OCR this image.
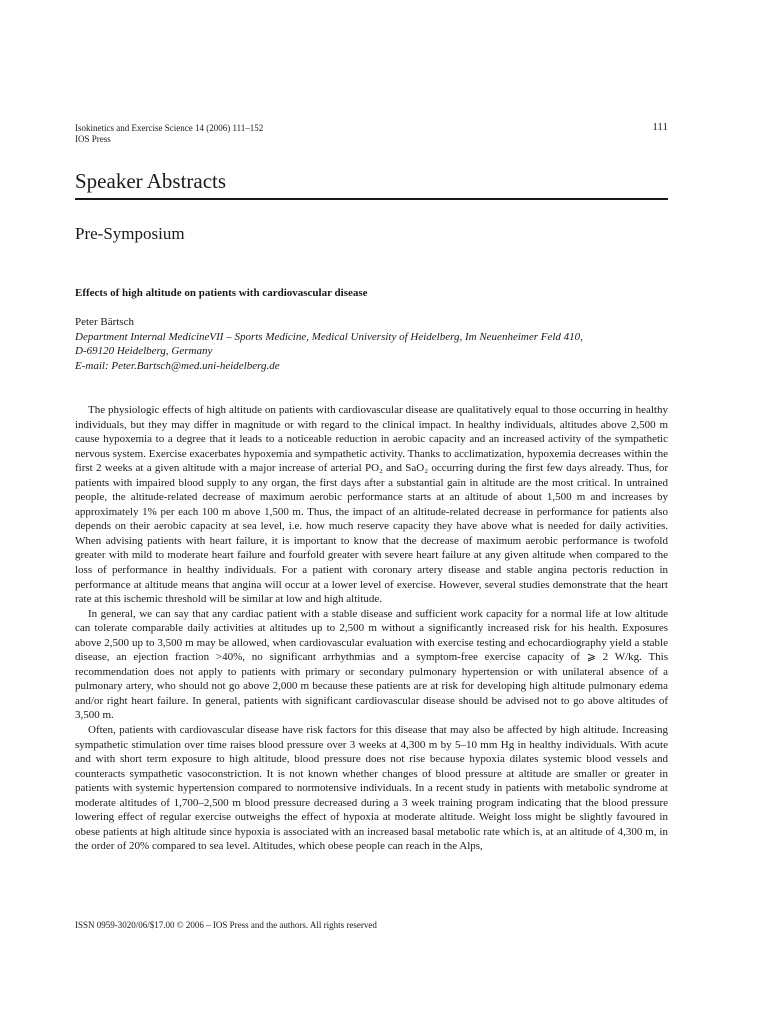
Isokinetics and Exercise Science 14 (2006) 111–152
IOS Press
111
Speaker Abstracts
Pre-Symposium
Effects of high altitude on patients with cardiovascular disease
Peter Bärtsch
Department Internal MedicineVII – Sports Medicine, Medical University of Heidelberg, Im Neuenheimer Feld 410,
D-69120 Heidelberg, Germany
E-mail: Peter.Bartsch@med.uni-heidelberg.de

The physiologic effects of high altitude on patients with cardiovascular disease are qualitatively equal to those occurring in healthy individuals, but they may differ in magnitude or with regard to the clinical impact. In healthy individuals, altitudes above 2,500 m cause hypoxemia to a degree that it leads to a noticeable reduction in aerobic capacity and an increased activity of the sympathetic nervous system. Exercise exacerbates hypoxemia and sympathetic activity. Thanks to acclimatization, hypoxemia decreases within the first 2 weeks at a given altitude with a major increase of arterial PO₂ and SaO₂ occurring during the first few days already. Thus, for patients with impaired blood supply to any organ, the first days after a substantial gain in altitude are the most critical. In untrained people, the altitude-related decrease of maximum aerobic performance starts at an altitude of about 1,500 m and increases by approximately 1% per each 100 m above 1,500 m. Thus, the impact of an altitude-related decrease in performance for patients also depends on their aerobic capacity at sea level, i.e. how much reserve capacity they have above what is needed for daily activities. When advising patients with heart failure, it is important to know that the decrease of maximum aerobic performance is twofold greater with mild to moderate heart failure and fourfold greater with severe heart failure at any given altitude when compared to the loss of performance in healthy individuals. For a patient with coronary artery disease and stable angina pectoris reduction in performance at altitude means that angina will occur at a lower level of exercise. However, several studies demonstrate that the heart rate at this ischemic threshold will be similar at low and high altitude.

In general, we can say that any cardiac patient with a stable disease and sufficient work capacity for a normal life at low altitude can tolerate comparable daily activities at altitudes up to 2,500 m without a significantly increased risk for his health. Exposures above 2,500 up to 3,500 m may be allowed, when cardiovascular evaluation with exercise testing and echocardiography yield a stable disease, an ejection fraction >40%, no significant arrhythmias and a symptom-free exercise capacity of ⩾ 2 W/kg. This recommendation does not apply to patients with primary or secondary pulmonary hypertension or with unilateral absence of a pulmonary artery, who should not go above 2,000 m because these patients are at risk for developing high altitude pulmonary edema and/or right heart failure. In general, patients with significant cardiovascular disease should be advised not to go above altitudes of 3,500 m.

Often, patients with cardiovascular disease have risk factors for this disease that may also be affected by high altitude. Increasing sympathetic stimulation over time raises blood pressure over 3 weeks at 4,300 m by 5–10 mm Hg in healthy individuals. With acute and with short term exposure to high altitude, blood pressure does not rise because hypoxia dilates systemic blood vessels and counteracts sympathetic vasoconstriction. It is not known whether changes of blood pressure at altitude are smaller or greater in patients with systemic hypertension compared to normotensive individuals. In a recent study in patients with metabolic syndrome at moderate altitudes of 1,700–2,500 m blood pressure decreased during a 3 week training program indicating that the blood pressure lowering effect of regular exercise outweighs the effect of hypoxia at moderate altitude. Weight loss might be slightly favoured in obese patients at high altitude since hypoxia is associated with an increased basal metabolic rate which is, at an altitude of 4,300 m, in the order of 20% compared to sea level. Altitudes, which obese people can reach in the Alps,

ISSN 0959-3020/06/$17.00 © 2006 – IOS Press and the authors. All rights reserved
